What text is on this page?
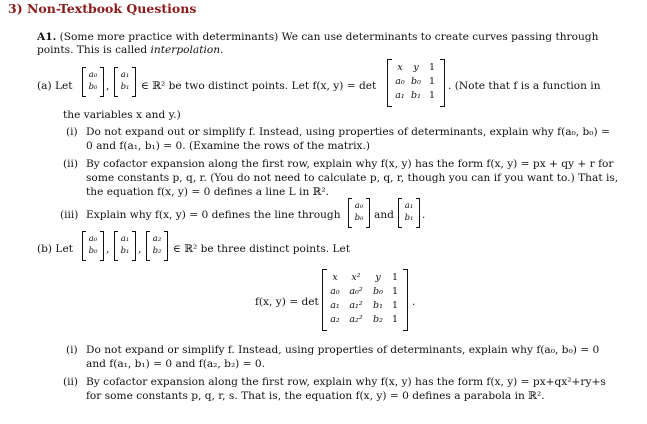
3) Non-Textbook Questions
A1. (Some more practice with determinants) We can use determinants to create curves passing through
points. This is called interpolation.
(a) Let
a₀
b₀ ,
a₁
b₁	∈ ℝ² be two distinct points. Let f(x, y) = det
x	y	1
a₀ b₀ 1
a₁ b₁ 1
. (Note that f is a function in
the variables x and y.)
(i) Do not expand out or simplify f. Instead, using properties of determinants, explain why f(a₀, b₀) =
0 and f(a₁, b₁) = 0. (Examine the rows of the matrix.)
(ii) By cofactor expansion along the first row, explain why f(x, y) has the form f(x, y) = px + qy + r for
some constants p, q, r. (You do not need to calculate p, q, r, though you can if you want to.) That is,
the equation f(x, y) = 0 defines a line L in ℝ².
(iii) Explain why f(x, y) = 0 defines the line through
a₀
b₀ and
a₁
b₁ .
(b) Let
a₀
b₀ ,
a₁
b₁ ,
a₂
b₂	∈ ℝ² be three distinct points. Let
f(x, y) = det
x	x²	y	1
a₀	a₀²	b₀ 1
a₁	a₁²	b₁ 1
a₂	a₂²	b₂ 1
.
(i) Do not expand or simplify f. Instead, using properties of determinants, explain why f(a₀, b₀) = 0
and f(a₁, b₁) = 0 and f(a₂, b₂) = 0.
(ii) By cofactor expansion along the first row, explain why f(x, y) has the form f(x, y) = px+qx²+ry+s
for some constants p, q, r, s. That is, the equation f(x, y) = 0 defines a parabola in ℝ².
